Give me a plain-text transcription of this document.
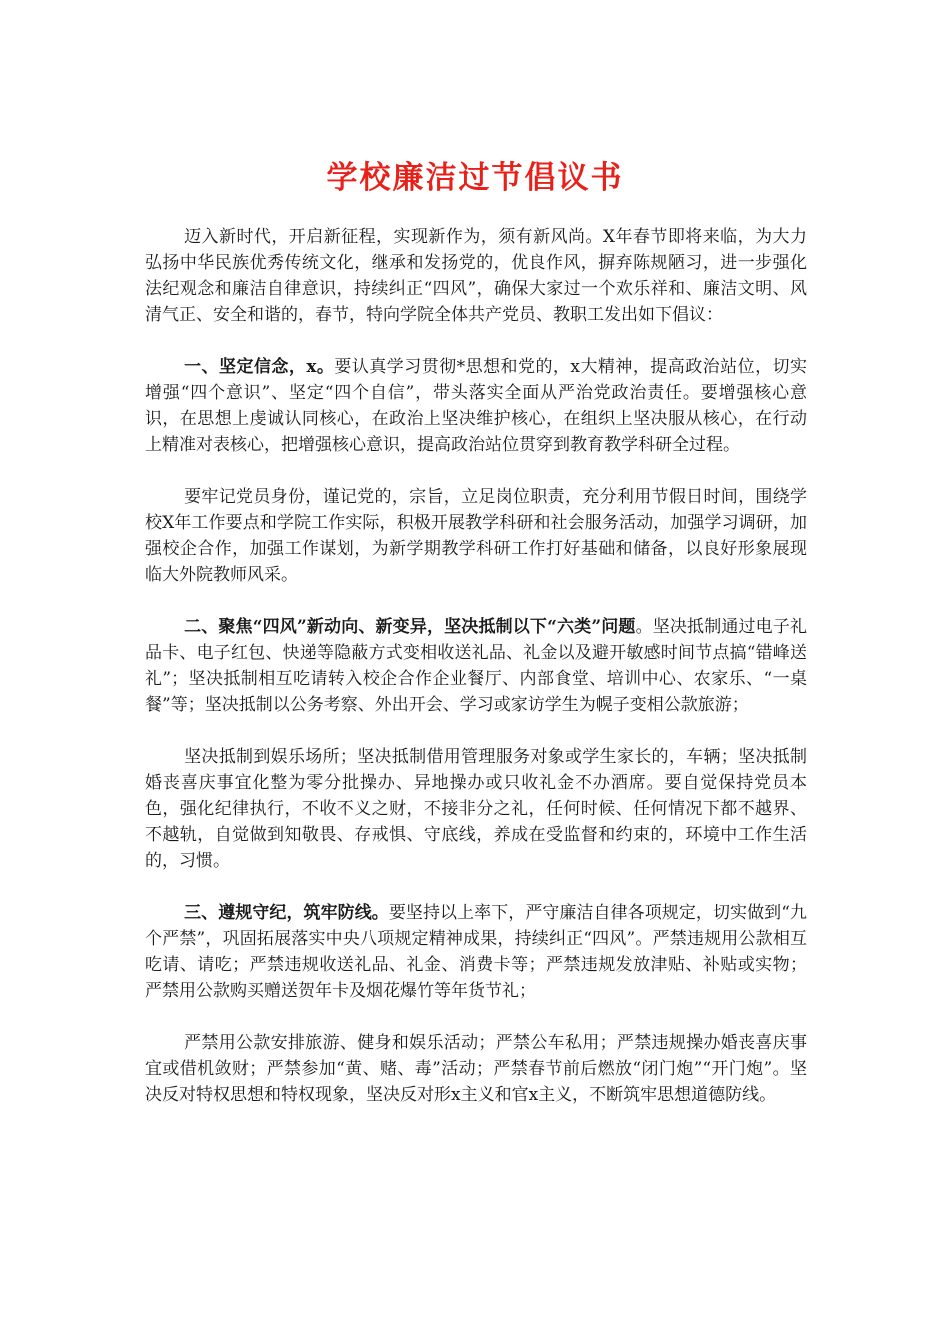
学校廉洁过节倡议书

迈入新时代，开启新征程，实现新作为，须有新风尚。X年春节即将来临，为大力弘扬中华民族优秀传统文化，继承和发扬党的，优良作风，摒弃陈规陋习，进一步强化法纪观念和廉洁自律意识，持续纠正“四风”，确保大家过一个欢乐祥和、廉洁文明、风清气正、安全和谐的，春节，特向学院全体共产党员、教职工发出如下倡议：

一、坚定信念，x。要认真学习贯彻*思想和党的，x大精神，提高政治站位，切实增强“四个意识”、坚定“四个自信”，带头落实全面从严治党政治责任。要增强核心意识，在思想上虔诚认同核心，在政治上坚决维护核心，在组织上坚决服从核心，在行动上精准对表核心，把增强核心意识，提高政治站位贯穿到教育教学科研全过程。

要牢记党员身份，谨记党的，宗旨，立足岗位职责，充分利用节假日时间，围绕学校X年工作要点和学院工作实际，积极开展教学科研和社会服务活动，加强学习调研，加强校企合作，加强工作谋划，为新学期教学科研工作打好基础和储备，以良好形象展现临大外院教师风采。

二、聚焦“四风”新动向、新变异，坚决抵制以下“六类”问题。坚决抵制通过电子礼品卡、电子红包、快递等隐蔽方式变相收送礼品、礼金以及避开敏感时间节点搞“错峰送礼”；坚决抵制相互吃请转入校企合作企业餐厅、内部食堂、培训中心、农家乐、“一桌餐”等；坚决抵制以公务考察、外出开会、学习或家访学生为幌子变相公款旅游；

坚决抵制到娱乐场所；坚决抵制借用管理服务对象或学生家长的，车辆；坚决抵制婚丧喜庆事宜化整为零分批操办、异地操办或只收礼金不办酒席。要自觉保持党员本色，强化纪律执行，不收不义之财，不接非分之礼，任何时候、任何情况下都不越界、不越轨，自觉做到知敬畏、存戒惧、守底线，养成在受监督和约束的，环境中工作生活的，习惯。

三、遵规守纪，筑牢防线。要坚持以上率下，严守廉洁自律各项规定，切实做到“九个严禁”，巩固拓展落实中央八项规定精神成果，持续纠正“四风”。严禁违规用公款相互吃请、请吃；严禁违规收送礼品、礼金、消费卡等；严禁违规发放津贴、补贴或实物；严禁用公款购买赠送贺年卡及烟花爆竹等年货节礼；

严禁用公款安排旅游、健身和娱乐活动；严禁公车私用；严禁违规操办婚丧喜庆事宜或借机敛财；严禁参加“黄、赌、毒”活动；严禁春节前后燃放“闭门炮”“开门炮”。坚决反对特权思想和特权现象，坚决反对形x主义和官x主义，不断筑牢思想道德防线。
